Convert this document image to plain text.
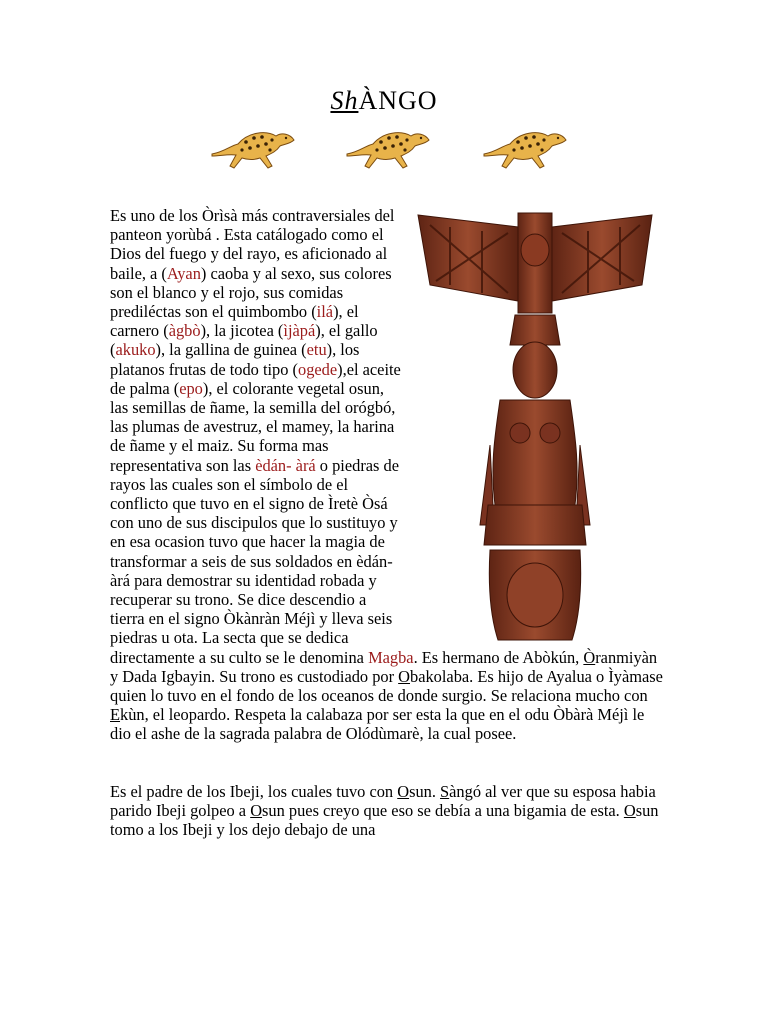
ShÀNGO

Es uno de los Òrìsà más contraversiales del panteon yorùbá . Esta catálogado como el Dios del fuego y del rayo, es aficionado al baile, a (Ayan) caoba y al sexo, sus colores son el blanco y el rojo, sus comidas prediléctas son el quimbombo (ilá), el carnero (àgbò), la jicotea (ìjàpá), el gallo (akuko), la gallina de guinea (etu), los platanos frutas de todo tipo (ogede),el aceite de palma (epo), el colorante vegetal osun, las semillas de ñame, la semilla del orógbó, las plumas de avestruz, el mamey, la harina de ñame y el maiz. Su forma mas representativa son las èdán- àrá o piedras de rayos las cuales son el símbolo de el conflicto que tuvo en el signo de Ìretè Òsá con uno de sus discipulos que lo sustituyo y en esa ocasion tuvo que hacer la magia de transformar a seis de sus soldados en èdán- àrá para demostrar su identidad robada y recuperar su trono. Se dice descendio a tierra en el signo Òkànràn Méjì y lleva seis piedras u ota. La secta que se dedica directamente a su culto se le denomina Magba. Es hermano de Abòkún, Òranmiyàn y Dada Igbayin. Su trono es custodiado por Obakolaba. Es hijo de Ayalua o Ìyàmase quien lo tuvo en el fondo de los oceanos de donde surgio. Se relaciona mucho con Ekùn, el leopardo. Respeta la calabaza por ser esta la que en el odu Òbàrà Méjì le dio el ashe de la sagrada palabra de Olódùmarè, la cual posee.

Es el padre de los Ibeji, los cuales tuvo con Osun. Sàngó al ver que su esposa habia parido Ibeji golpeo a Osun pues creyo que eso se debía a una bigamia de esta. Osun tomo a los Ibeji y los dejo debajo de una
